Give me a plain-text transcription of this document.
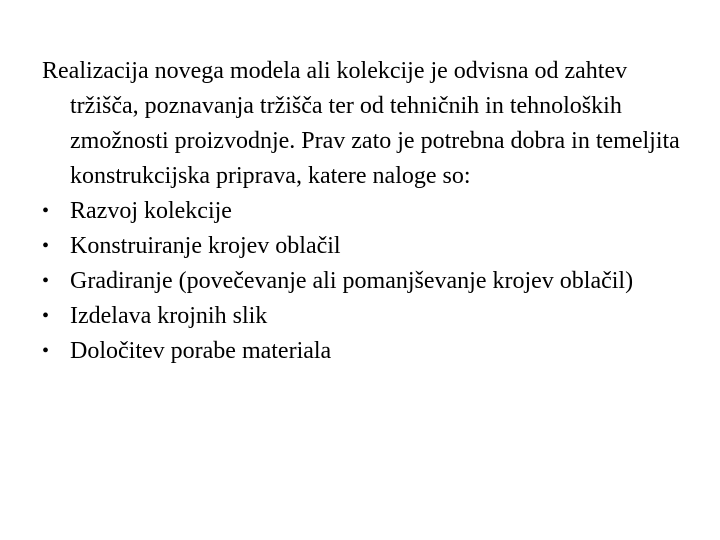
Realizacija novega modela ali kolekcije je odvisna od zahtev tržišča, poznavanja tržišča ter od tehničnih in tehnoloških zmožnosti proizvodnje. Prav zato je potrebna dobra in temeljita konstrukcijska priprava, katere naloge so:

• Razvoj kolekcije
• Konstruiranje krojev oblačil
• Gradiranje (povečevanje ali pomanjševanje krojev oblačil)
• Izdelava krojnih slik
• Določitev porabe materiala
